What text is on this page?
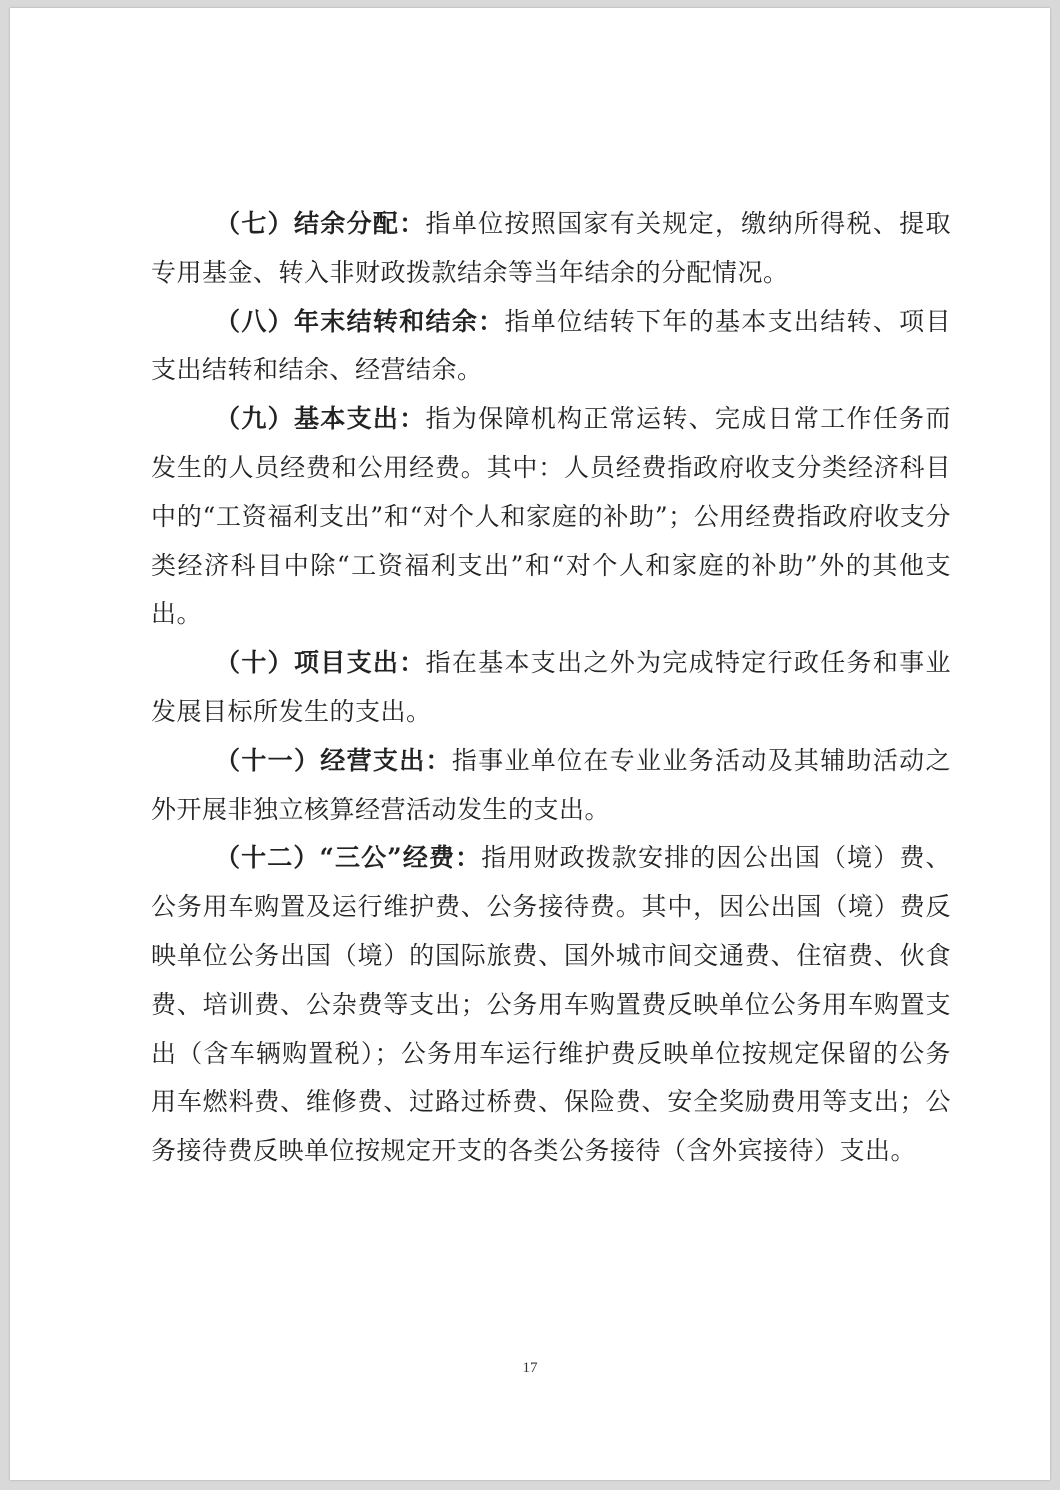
（七）结余分配：指单位按照国家有关规定，缴纳所得税、提取专用基金、转入非财政拨款结余等当年结余的分配情况。

（八）年末结转和结余：指单位结转下年的基本支出结转、项目支出结转和结余、经营结余。

（九）基本支出：指为保障机构正常运转、完成日常工作任务而发生的人员经费和公用经费。其中：人员经费指政府收支分类经济科目中的“工资福利支出”和“对个人和家庭的补助”；公用经费指政府收支分类经济科目中除“工资福利支出”和“对个人和家庭的补助”外的其他支出。

（十）项目支出：指在基本支出之外为完成特定行政任务和事业发展目标所发生的支出。

（十一）经营支出：指事业单位在专业业务活动及其辅助活动之外开展非独立核算经营活动发生的支出。

（十二）“三公”经费：指用财政拨款安排的因公出国（境）费、公务用车购置及运行维护费、公务接待费。其中，因公出国（境）费反映单位公务出国（境）的国际旅费、国外城市间交通费、住宿费、伙食费、培训费、公杂费等支出；公务用车购置费反映单位公务用车购置支出（含车辆购置税）；公务用车运行维护费反映单位按规定保留的公务用车燃料费、维修费、过路过桥费、保险费、安全奖励费用等支出；公务接待费反映单位按规定开支的各类公务接待（含外宾接待）支出。

17
